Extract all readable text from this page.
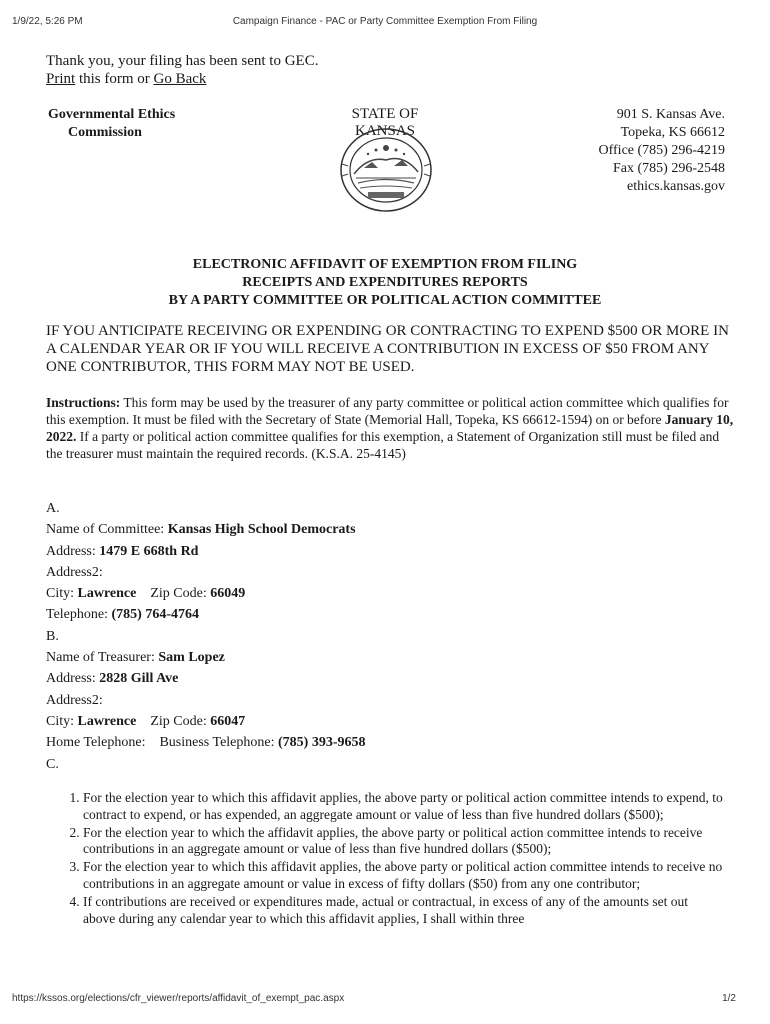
1/9/22, 5:26 PM	Campaign Finance - PAC or Party Committee Exemption From Filing
Thank you, your filing has been sent to GEC.
Print this form or Go Back
Governmental Ethics
Commission
STATE OF KANSAS
901 S. Kansas Ave.
Topeka, KS 66612
Office (785) 296-4219
Fax (785) 296-2548
ethics.kansas.gov
ELECTRONIC AFFIDAVIT OF EXEMPTION FROM FILING
RECEIPTS AND EXPENDITURES REPORTS
BY A PARTY COMMITTEE OR POLITICAL ACTION COMMITTEE
IF YOU ANTICIPATE RECEIVING OR EXPENDING OR CONTRACTING TO EXPEND $500 OR MORE IN A CALENDAR YEAR OR IF YOU WILL RECEIVE A CONTRIBUTION IN EXCESS OF $50 FROM ANY ONE CONTRIBUTOR, THIS FORM MAY NOT BE USED.
Instructions: This form may be used by the treasurer of any party committee or political action committee which qualifies for this exemption. It must be filed with the Secretary of State (Memorial Hall, Topeka, KS 66612-1594) on or before January 10, 2022. If a party or political action committee qualifies for this exemption, a Statement of Organization still must be filed and the treasurer must maintain the required records. (K.S.A. 25-4145)
A.
Name of Committee: Kansas High School Democrats
Address: 1479 E 668th Rd
Address2:
City: Lawrence Zip Code: 66049
Telephone: (785) 764-4764
B.
Name of Treasurer: Sam Lopez
Address: 2828 Gill Ave
Address2:
City: Lawrence Zip Code: 66047
Home Telephone: Business Telephone: (785) 393-9658
C.
1. For the election year to which this affidavit applies, the above party or political action committee intends to expend, to contract to expend, or has expended, an aggregate amount or value of less than five hundred dollars ($500);
2. For the election year to which the affidavit applies, the above party or political action committee intends to receive contributions in an aggregate amount or value of less than five hundred dollars ($500);
3. For the election year to which this affidavit applies, the above party or political action committee intends to receive no contributions in an aggregate amount or value in excess of fifty dollars ($50) from any one contributor;
4. If contributions are received or expenditures made, actual or contractual, in excess of any of the amounts set out above during any calendar year to which this affidavit applies, I shall within three
https://kssos.org/elections/cfr_viewer/reports/affidavit_of_exempt_pac.aspx	1/2
